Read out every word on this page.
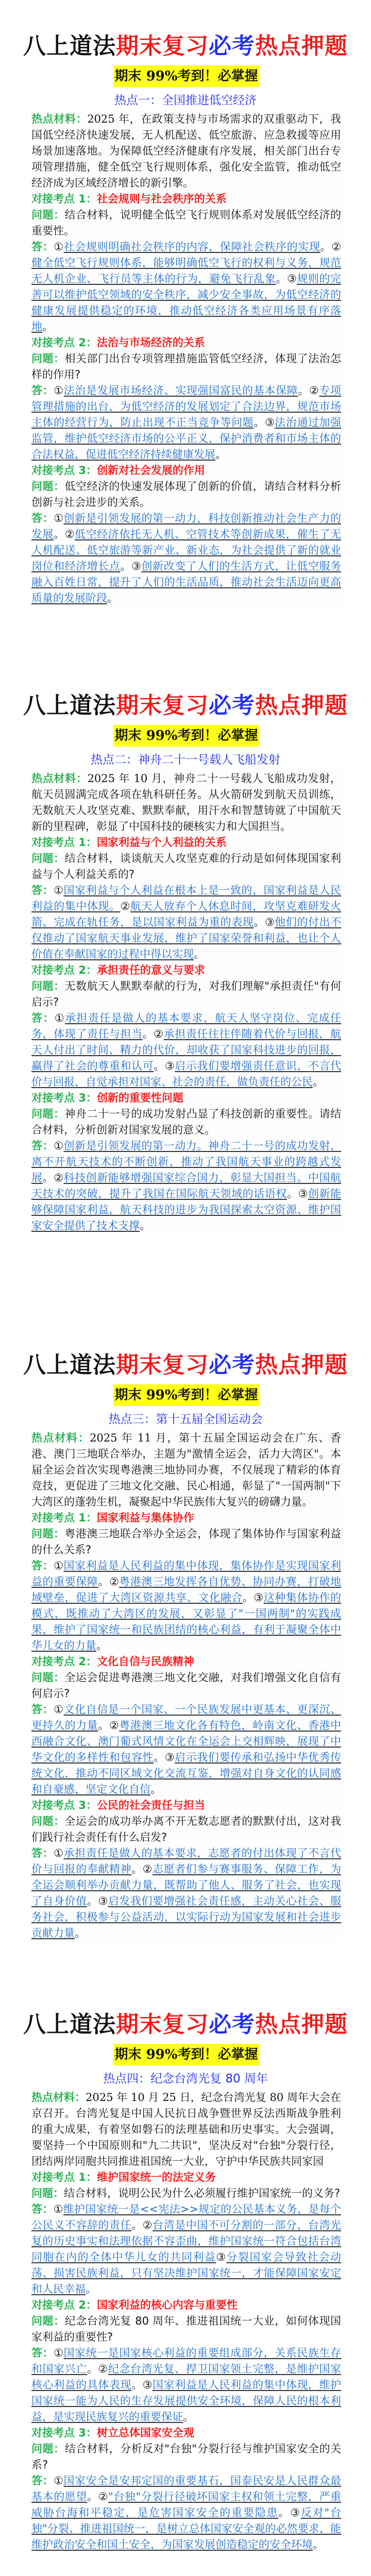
八上道法期末复习必考热点押题
期末 99%考到！必掌握
热点一：全国推进低空经济

热点材料：2025 年，在政策支持与市场需求的双重驱动下，我国低空经济快速发展，无人机配送、低空旅游、应急救援等应用场景加速落地。为保障低空经济健康有序发展，相关部门出台专项管理措施，健全低空飞行规则体系，强化安全监管，推动低空经济成为区域经济增长的新引擎。

对接考点 1：社会规则与社会秩序的关系

问题：结合材料，说明健全低空飞行规则体系对发展低空经济的重要性。

答：①社会规则明确社会秩序的内容，保障社会秩序的实现。②健全低空飞行规则体系，能够明确低空飞行的权利与义务，规范无人机企业、飞行员等主体的行为，避免飞行乱象。③规则的完善可以维护低空领域的安全秩序，减少安全事故，为低空经济的健康发展提供稳定的环境，推动低空经济各类应用场景有序落地。

对接考点 2：法治与市场经济的关系

问题：相关部门出台专项管理措施监管低空经济，体现了法治怎样的作用?

答：①法治是发展市场经济、实现强国富民的基本保障。②专项管理措施的出台，为低空经济的发展划定了合法边界，规范市场主体的经营行为，防止出现不正当竞争等问题。③法治通过加强监管，维护低空经济市场的公平正义，保护消费者和市场主体的合法权益，促进低空经济持续健康发展。

对接考点 3：创新对社会发展的作用

问题：低空经济的快速发展体现了创新的价值，请结合材料分析创新与社会进步的关系。

答：①创新是引领发展的第一动力，科技创新推动社会生产力的发展。②低空经济依托无人机、空管技术等创新成果，催生了无人机配送、低空旅游等新产业、新业态，为社会提供了新的就业岗位和经济增长点。③创新改变了人们的生活方式，让低空服务融入百姓日常，提升了人们的生活品质，推动社会生活迈向更高质量的发展阶段。

八上道法期末复习必考热点押题
期末 99%考到！必掌握
热点二：神舟二十一号载人飞船发射

热点材料：2025 年 10 月，神舟二十一号载人飞船成功发射，航天员圆满完成各项在轨科研任务。从火箭研发到航天员训练，无数航天人攻坚克难、默默奉献，用汗水和智慧铸就了中国航天新的里程碑，彰显了中国科技的硬核实力和大国担当。

对接考点 1：国家利益与个人利益的关系

问题：结合材料，谈谈航天人攻坚克难的行动是如何体现国家利益与个人利益关系的?

答：①国家利益与个人利益在根本上是一致的，国家利益是人民利益的集中体现。②航天人放弃个人休息时间，攻坚克难研发火箭、完成在轨任务，是以国家利益为重的表现。③他们的付出不仅推动了国家航天事业发展，维护了国家荣誉和利益，也让个人价值在奉献国家的过程中得以实现。

对接考点 2：承担责任的意义与要求

问题：无数航天人默默奉献的行为，对我们理解"承担责任"有何启示?

答：①承担责任是做人的基本要求，航天人坚守岗位、完成任务，体现了责任与担当。②承担责任往往伴随着代价与回报，航天人付出了时间、精力的代价，却收获了国家科技进步的回报，赢得了社会的尊重和认可。③启示我们要增强责任意识，不言代价与回报，自觉承担对国家、社会的责任，做负责任的公民。

对接考点 3：创新的重要性问题

问题：神舟二十一号的成功发射凸显了科技创新的重要性。请结合材料，分析创新对国家发展的意义。

答：①创新是引领发展的第一动力。神舟二十一号的成功发射，离不开航天技术的不断创新，推动了我国航天事业的跨越式发展。②科技创新能够增强国家综合国力，彰显大国担当。中国航天技术的突破，提升了我国在国际航天领域的话语权。③创新能够保障国家利益，航天科技的进步为我国探索太空资源、维护国家安全提供了技术支撑。

八上道法期末复习必考热点押题
期末 99%考到！必掌握
热点三：第十五届全国运动会

热点材料：2025 年 11 月，第十五届全国运动会在广东、香港、澳门三地联合举办，主题为"激情全运会，活力大湾区"。本届全运会首次实现粤港澳三地协同办赛，不仅展现了精彩的体育竞技，更促进了三地文化交融、民心相通，彰显了"一国两制"下大湾区的蓬勃生机，凝聚起中华民族伟大复兴的磅礴力量。

对接考点 1：国家利益与集体协作

问题：粤港澳三地联合举办全运会，体现了集体协作与国家利益的什么关系?

答：①国家利益是人民利益的集中体现，集体协作是实现国家利益的重要保障。②粤港澳三地发挥各自优势、协同办赛，打破地域壁垒，促进了大湾区资源共享、文化融合。③这种集体协作的模式，既推动了大湾区的发展，又彰显了"一国两制"的实践成果，维护了国家统一和民族团结的核心利益，有利于凝聚全体中华儿女的力量。

对接考点 2：文化自信与民族精神

问题：全运会促进粤港澳三地文化交融，对我们增强文化自信有何启示?

答：①文化自信是一个国家、一个民族发展中更基本、更深沉、更持久的力量。②粤港澳三地文化各有特色，岭南文化、香港中西融合文化、澳门葡式风情文化在全运会上交相辉映，展现了中华文化的多样性和包容性。③启示我们要传承和弘扬中华优秀传统文化，推动不同区域文化交流互鉴，增强对自身文化的认同感和自豪感，坚定文化自信。

对接考点 3：公民的社会责任与担当

问题：全运会的成功举办离不开无数志愿者的默默付出，这对我们践行社会责任有什么启发?

答：①承担责任是做人的基本要求，志愿者的付出体现了不言代价与回报的奉献精神。②志愿者们参与赛事服务、保障工作，为全运会顺利举办贡献力量，既帮助了他人、服务了社会，也实现了自身价值。③启发我们要增强社会责任感，主动关心社会、服务社会，积极参与公益活动，以实际行动为国家发展和社会进步贡献力量。

八上道法期末复习必考热点押题
期末 99%考到！必掌握
热点四：纪念台湾光复 80 周年

热点材料：2025 年 10 月 25 日，纪念台湾光复 80 周年大会在京召开。台湾光复是中国人民抗日战争暨世界反法西斯战争胜利的重大成果，有着坚如磐石的法理基础和历史事实。大会强调，要坚持一个中国原则和"九二共识"，坚决反对"台独"分裂行径，团结两岸同胞共同推进祖国统一大业，守护中华民族共同家园

对接考点 1：维护国家统一的法定义务

问题：结合材料，说明公民为什么必须履行维护国家统一的义务?

答：①维护国家统一是<<宪法>>规定的公民基本义务，是每个公民义不容辞的责任。②台湾是中国不可分割的一部分，台湾光复的历史事实和法理依据不容歪曲，维护国家统一符合包括台湾同胞在内的全体中华儿女的共同利益③分裂国家会导致社会动荡、损害民族利益，只有坚决维护国家统一，才能保障国家安定和人民幸福。

对接考点 2：国家利益的核心内容与重要性

问题：纪念台湾光复 80 周年、推进祖国统一大业，如何体现国家利益的重要性?

答：①国家统一是国家核心利益的重要组成部分，关系民族生存和国家兴亡。②纪念台湾光复、捍卫国家领土完整，是维护国家核心利益的具体表现。③国家利益是人民利益的集中体现，维护国家统一能为人民的生存发展提供安全环境，保障人民的根本利益，是实现民族复兴的重要保证。

对接考点 3：树立总体国家安全观

问题：结合材料，分析反对"台独"分裂行径与维护国家安全的关系?

答：①国家安全是安邦定国的重要基石，国泰民安是人民群众最基本的愿望。②"台独"分裂行径破坏国家主权和领土完整，严重威胁台海和平稳定，是危害国家安全的重要隐患。③反对"台独"分裂、推进祖国统一，是树立总体国家安全观的必然要求，能维护政治安全和国土安全，为国家发展创造稳定的安全环境。
